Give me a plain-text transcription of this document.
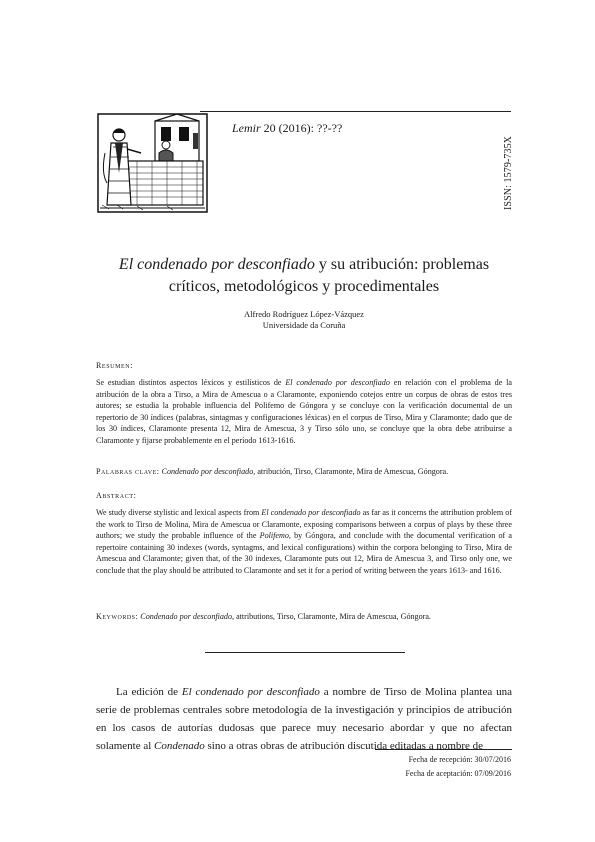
Lemir 20 (2016): ??-??
ISSN: 1579-735X
El condenado por desconfiado y su atribución: problemas
críticos, metodológicos y procedimentales
Alfredo Rodríguez López-Vázquez
Universidade da Coruña
Resumen:
Se estudian distintos aspectos léxicos y estilísticos de El condenado por desconfiado en relación con el problema de la atribución de la obra a Tirso, a Mira de Amescua o a Claramonte, exponiendo cotejos entre un corpus de obras de estos tres autores; se estudia la probable influencia del Polifemo de Góngora y se concluye con la verificación documental de un repertorio de 30 índices (palabras, sintagmas y configuraciones léxicas) en el corpus de Tirso, Mira y Claramonte; dado que de los 30 índices, Claramonte presenta 12, Mira de Amescua, 3 y Tirso sólo uno, se concluye que la obra debe atribuirse a Claramonte y fijarse probablemente en el período 1613-1616.
Palabras clave: Condenado por desconfiado, atribución, Tirso, Claramonte, Mira de Amescua, Góngora.
Abstract:
We study diverse stylistic and lexical aspects from El condenado por desconfiado as far as it concerns the attribution problem of the work to Tirso de Molina, Mira de Amescua or Claramonte, exposing comparisons between a corpus of plays by these three authors; we study the probable influence of the Polifemo, by Góngora, and conclude with the documental verification of a repertoire containing 30 indexes (words, syntagms, and lexical configurations) within the corpora belonging to Tirso, Mira de Amescua and Claramonte; given that, of the 30 indexes, Claramonte puts out 12, Mira de Amescua 3, and Tirso only one, we conclude that the play should be attributed to Claramonte and set it for a period of writing between the years 1613- and 1616.
Keywords: Condenado por desconfiado, attributions, Tirso, Claramonte, Mira de Amescua, Góngora.
La edición de El condenado por desconfiado a nombre de Tirso de Molina plantea una serie de problemas centrales sobre metodología de la investigación y principios de atribución en los casos de autorías dudosas que parece muy necesario abordar y que no afectan solamente al Condenado sino a otras obras de atribución discutida editadas a nombre de
Fecha de recepción: 30/07/2016
Fecha de aceptación: 07/09/2016
